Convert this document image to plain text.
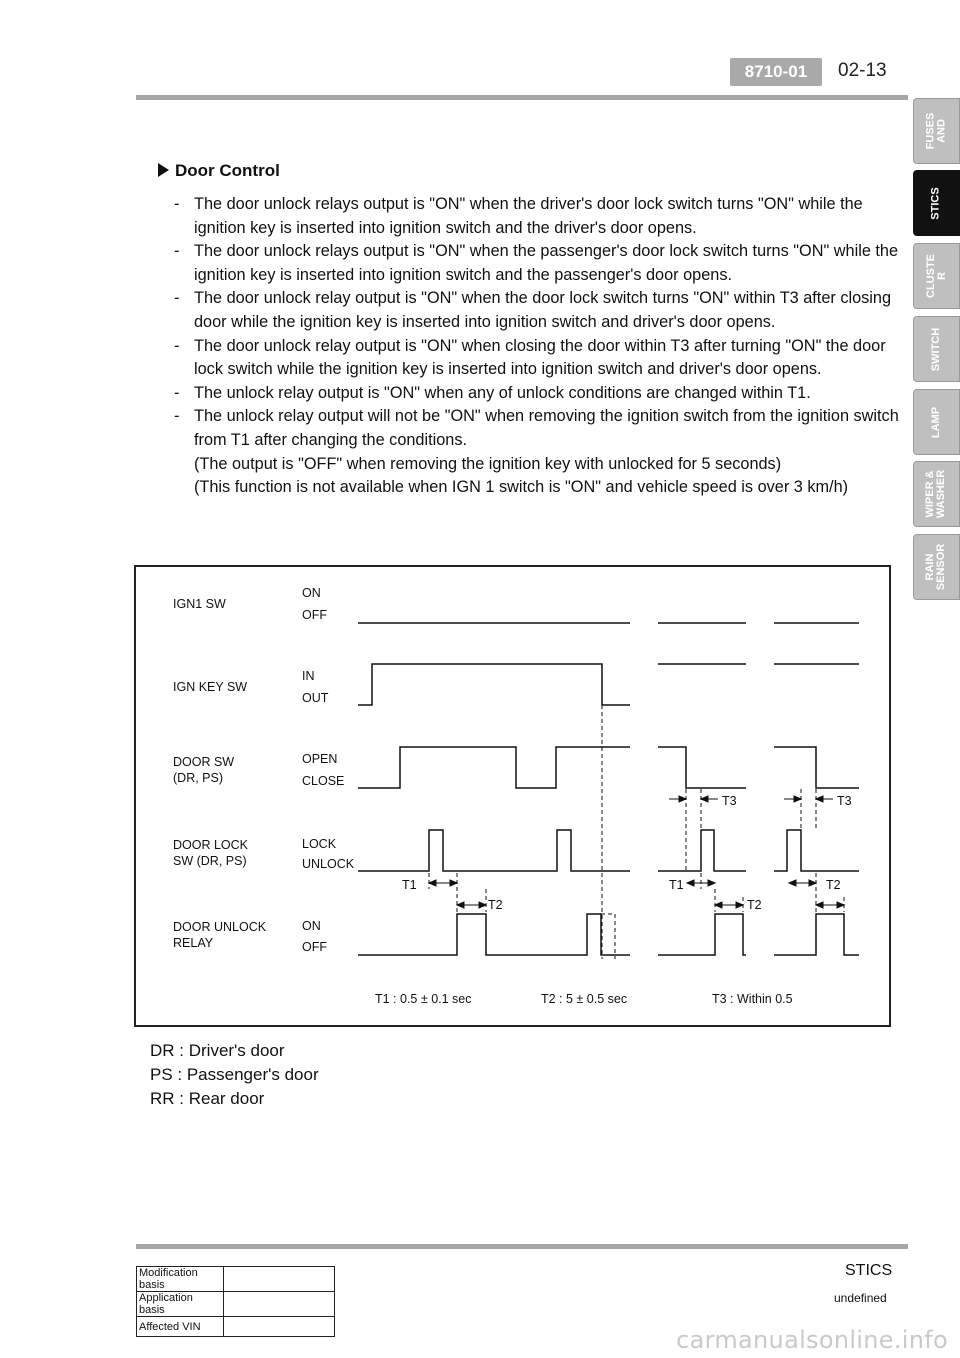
8710-01	02-13
FUSES
AND
STICS
CLUSTE
R
SWITCH
LAMP
WIPER &
WASHER
RAIN
SENSOR
Door Control
- The door unlock relays output is "ON" when the driver's door lock switch turns "ON" while the ignition key is inserted into ignition switch and the driver's door opens.
- The door unlock relays output is "ON" when the passenger's door lock switch turns "ON" while the ignition key is inserted into ignition switch and the passenger's door opens.
- The door unlock relay output is "ON" when the door lock switch turns "ON" within T3 after closing door while the ignition key is inserted into ignition switch and driver's door opens.
- The door unlock relay output is "ON" when closing the door within T3 after turning "ON" the door lock switch while the ignition key is inserted into ignition switch and driver's door opens.
- The unlock relay output is "ON" when any of unlock conditions are changed within T1.
- The unlock relay output will not be "ON" when removing the ignition switch from the ignition switch from T1 after changing the conditions.
(The output is "OFF" when removing the ignition key with unlocked for 5 seconds)
(This function is not available when IGN 1 switch is "ON" and vehicle speed is over 3 km/h)
IGN1 SW
IGN KEY SW
DOOR SW
(DR, PS)
DOOR LOCK
SW (DR, PS)
DOOR UNLOCK
RELAY
ON
OFF
IN
OUT
OPEN
CLOSE
LOCK
UNLOCK
ON
OFF
T1
T2
T3
T1
T2
T3
T2
T1 : 0.5 ± 0.1 sec	T2 : 5 ± 0.5 sec	T3 : Within 0.5
DR : Driver's door
PS : Passenger's door
RR : Rear door
STICS
undefined
Modification basis	
Application basis	
Affected VIN		carmanualsonline.info
